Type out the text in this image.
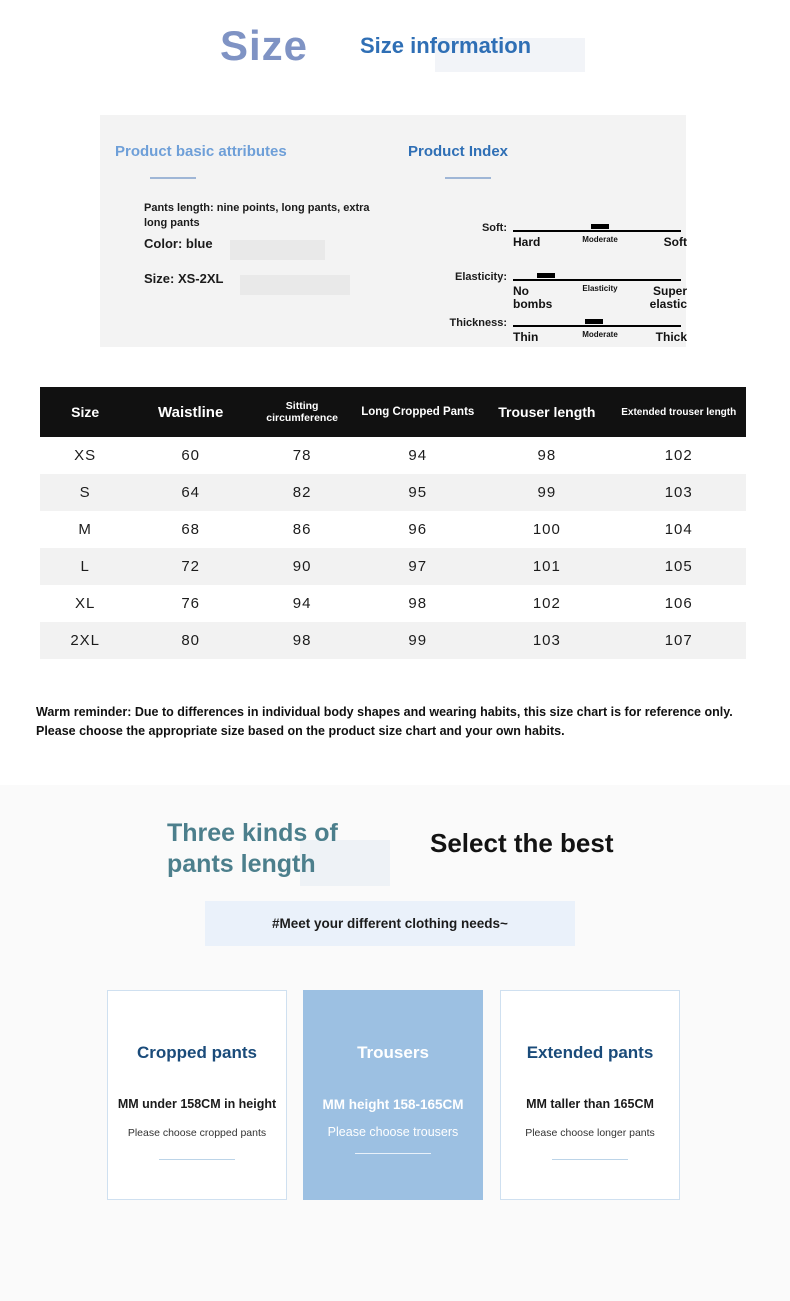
Size Size information
Product basic attributes	Product Index
Pants length: nine points, long pants, extra long pants
Color: blue
Size: XS-2XL
Soft:
Hard	Moderate	Soft
Elasticity:
No bombs
Elasticity	Super elastic
Thickness:
Thin	Moderate	Thick
Size	Waistline	Sitting circumference	Long Cropped Pants	Trouser length	Extended trouser length
XS	60	78	94	98	102
S	64	82	95	99	103
M	68	86	96	100	104
L	72	90	97	101	105
XL	76	94	98	102	106
2XL	80	98	99	103	107
Warm reminder: Due to differences in individual body shapes and wearing habits, this size chart is for reference only. Please choose the appropriate size based on the product size chart and your own habits.
Three kinds of pants length
Select the best
#Meet your different clothing needs~
Cropped pants
MM under 158CM in height
Please choose cropped pants
Trousers
MM height 158-165CM
Please choose trousers
Extended pants
MM taller than 165CM
Please choose longer pants
